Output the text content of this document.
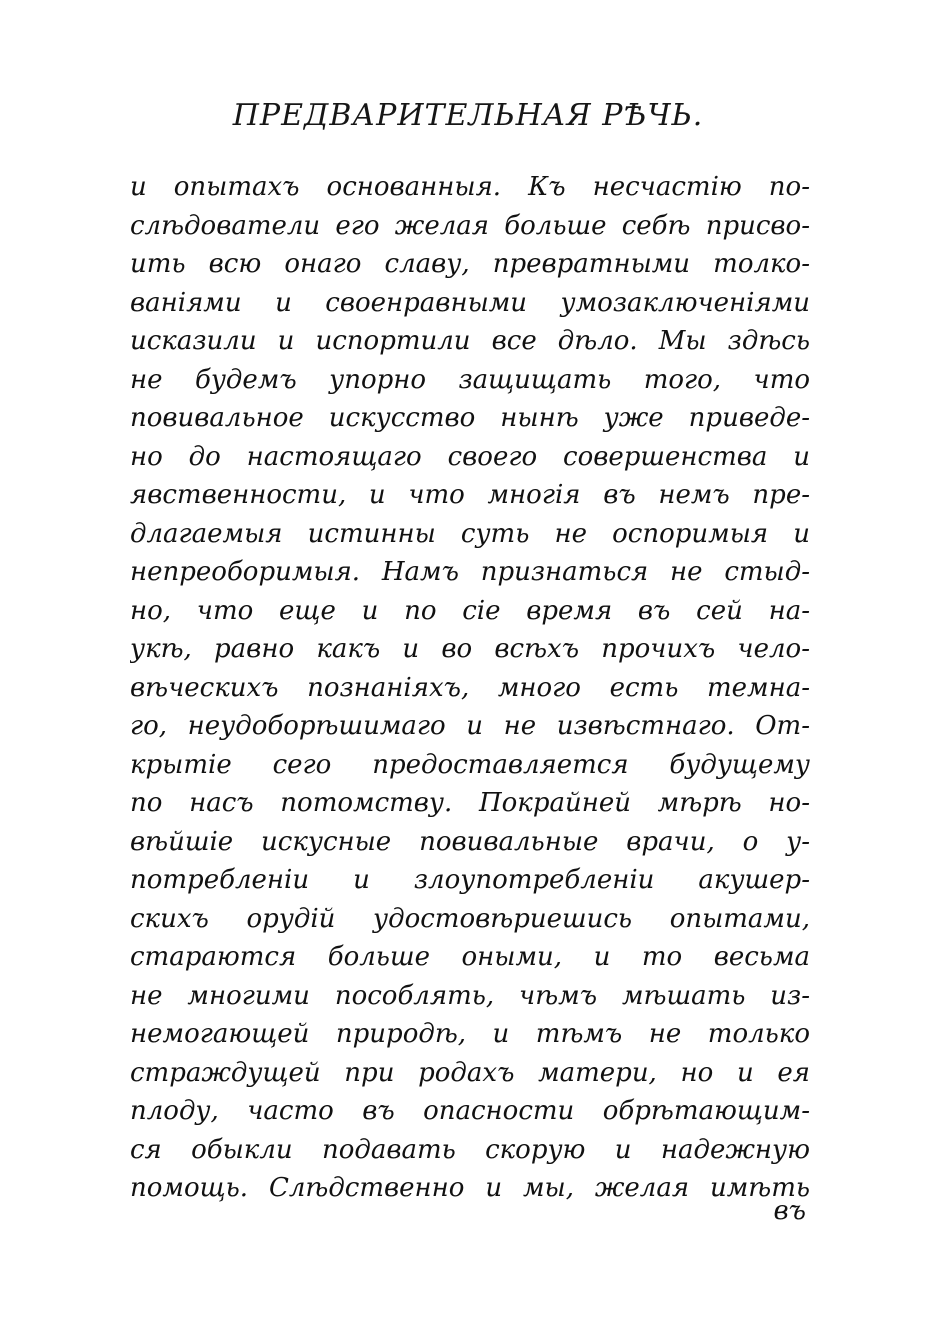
ПРЕДВАРИТЕЛЬНАЯ РѢЧЬ.
и опытахъ основанныя. Къ несчастію по-
слѣдователи его желая больше себѣ присво-
ить всю онаго славу, превратными толко-
ваніями и своенравными умозаключеніями
исказили и испортили все дѣло. Мы здѣсь
не будемъ упорно защищать того, что
повивальное искусство нынѣ уже приведе-
но до настоящаго своего совершенства и
явственности, и что многія въ немъ пре-
длагаемыя истинны суть не оспоримыя и
непреоборимыя. Намъ признаться не стыд-
но, что еще и по сіе время въ сей на-
укѣ, равно какъ и во всѣхъ прочихъ чело-
вѣческихъ познаніяхъ, много есть темна-
го, неудоборѣшимаго и не извѣстнаго. От-
крытіе сего предоставляется будущему
по насъ потомству. Покрайней мѣрѣ но-
вѣйшіе искусные повивальные врачи, о у-
потребленіи и злоупотребленіи акушер-
скихъ орудій удостовѣриешись опытами,
стараются больше оными, и то весьма
не многими пособлять, чѣмъ мѣшать из-
немогающей природѣ, и тѣмъ не только
страждущей при родахъ матери, но и ея
плоду, часто въ опасности обрѣтающим-
ся обыкли подавать скорую и надежную
помощь. Слѣдственно и мы, желая имѣть
въ
